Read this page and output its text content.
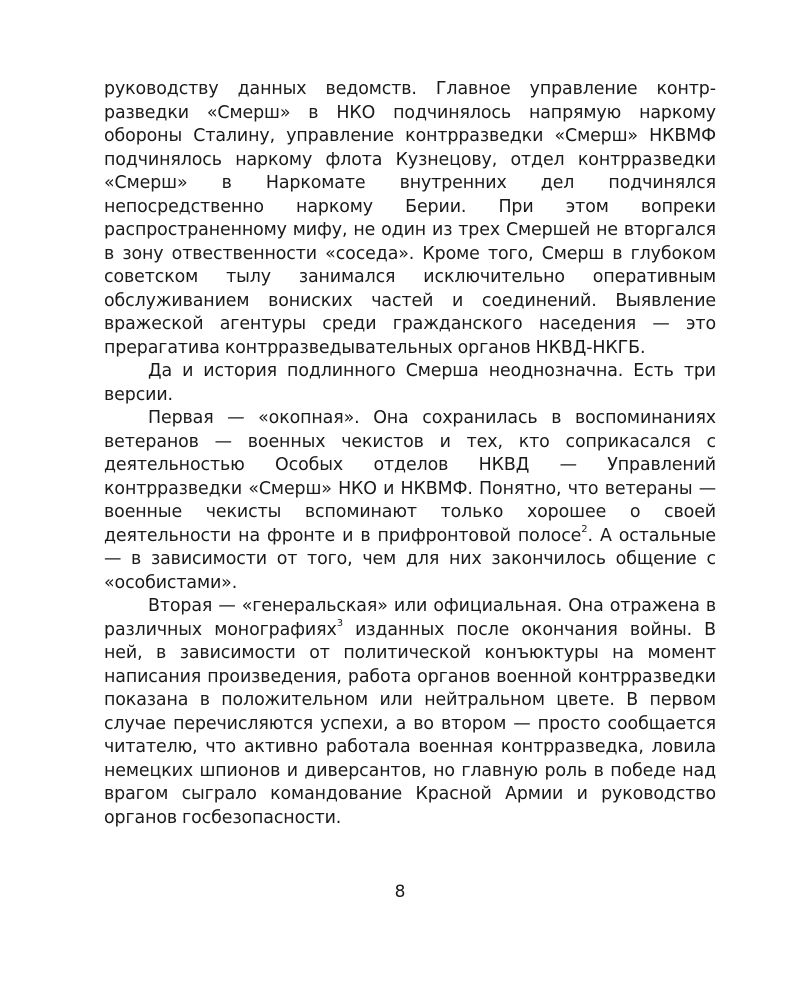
руководству данных ведомств. Главное управление контрразведки «Смерш» в НКО подчинялось напрямую наркому обороны Сталину, управление контрразведки «Смерш» НКВМФ подчинялось наркому флота Кузнецову, отдел контрразведки «Смерш» в Наркомате внутренних дел подчинялся непосредственно наркому Берии. При этом вопреки распространенному мифу, не один из трех Смершей не вторгался в зону отвественности «соседа». Кроме того, Смерш в глубоком советском тылу занимался исключительно оперативным обслуживанием вониских частей и соединений. Выявление вражеской агентуры среди гражданского наседения — это прерагатива контрразведывательных органов НКВД-НКГБ.

Да и история подлинного Смерша неоднозначна. Есть три версии.

Первая — «окопная». Она сохранилась в воспоминаниях ветеранов — военных чекистов и тех, кто соприкасался с деятельностью Особых отделов НКВД — Управлений контрразведки «Смерш» НКО и НКВМФ. Понятно, что ветераны — военные чекисты вспоминают только хорошее о своей деятельности на фронте и в прифронтовой полосе$^2$. А остальные — в зависимости от того, чем для них закончилось общение с «особистами».

Вторая — «генеральская» или официальная. Она отражена в различных монографиях$^3$ изданных после окончания войны. В ней, в зависимости от политической конъюктуры на момент написания произведения, работа органов военной контрразведки показана в положительном или нейтральном цвете. В первом случае перечисляются успехи, а во втором — просто сообщается читателю, что активно работала военная контрразведка, ловила немецких шпионов и диверсантов, но главную роль в победе над врагом сыграло командование Красной Армии и руководство органов госбезопасности.

8
